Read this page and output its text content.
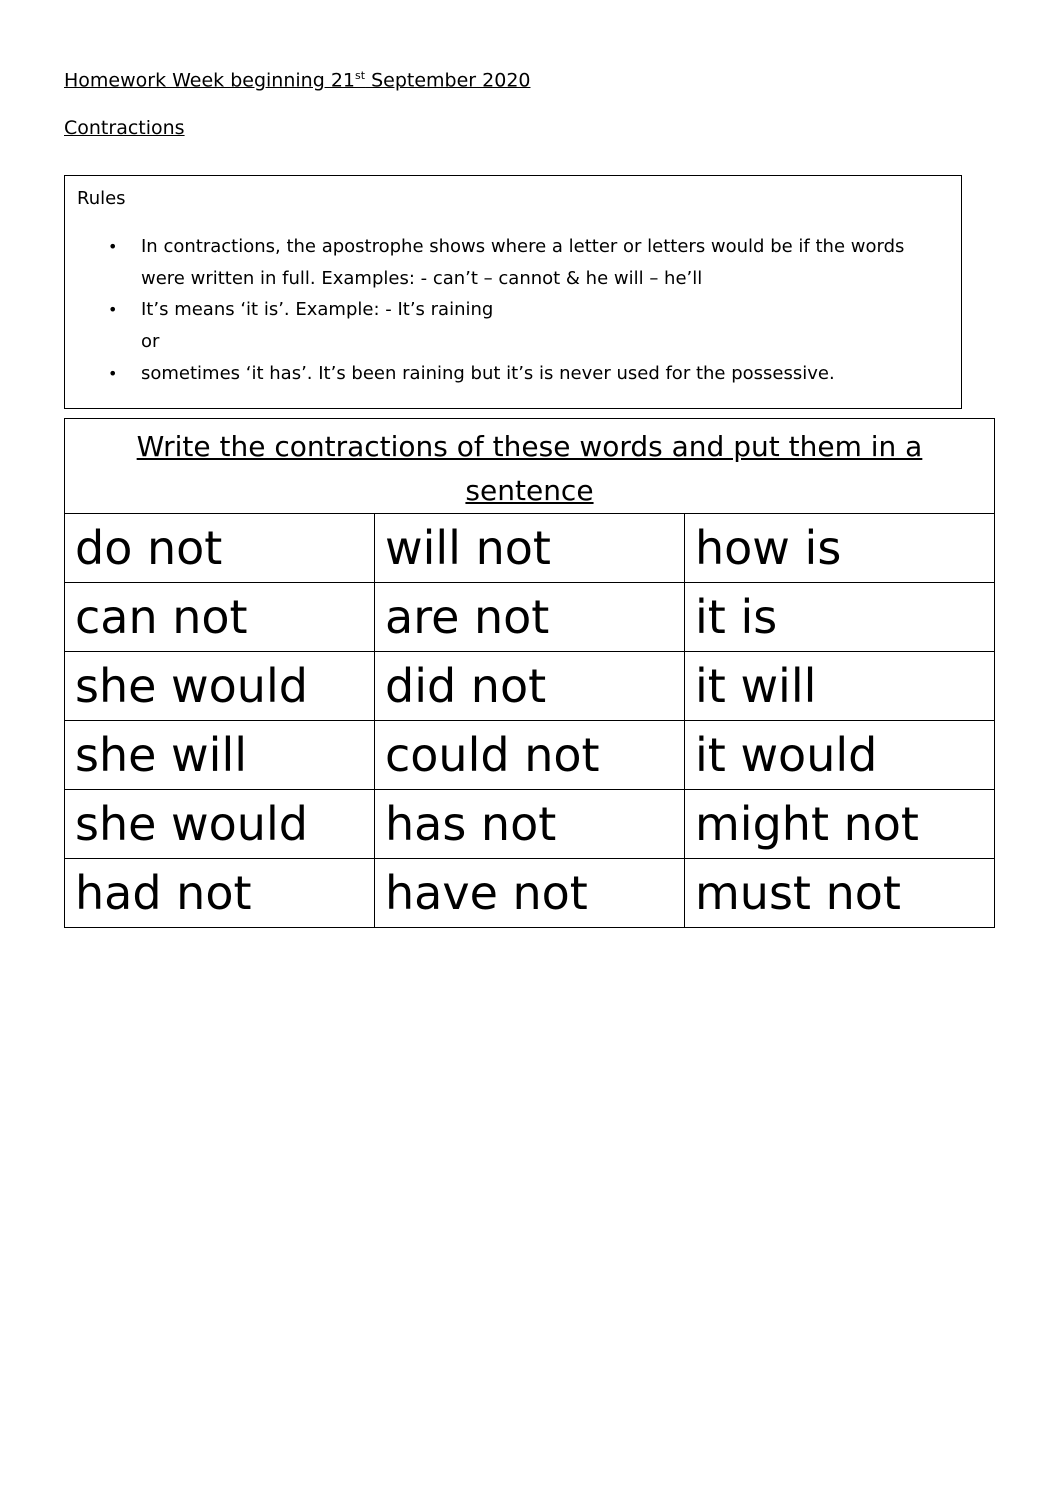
Homework Week beginning 21st September 2020
Contractions
Rules
• In contractions, the apostrophe shows where a letter or letters would be if the words were written in full. Examples: - can’t – cannot & he will – he’ll
• It’s means ‘it is’. Example: - It’s raining
or
• sometimes ‘it has’. It’s been raining but it’s is never used for the possessive.
Write the contractions of these words and put them in a sentence		

do not	will not	how is

can not	are not	it is

she would	did not	it will

she will	could not	it would

she would	has not	might not

had not	have not	must not
